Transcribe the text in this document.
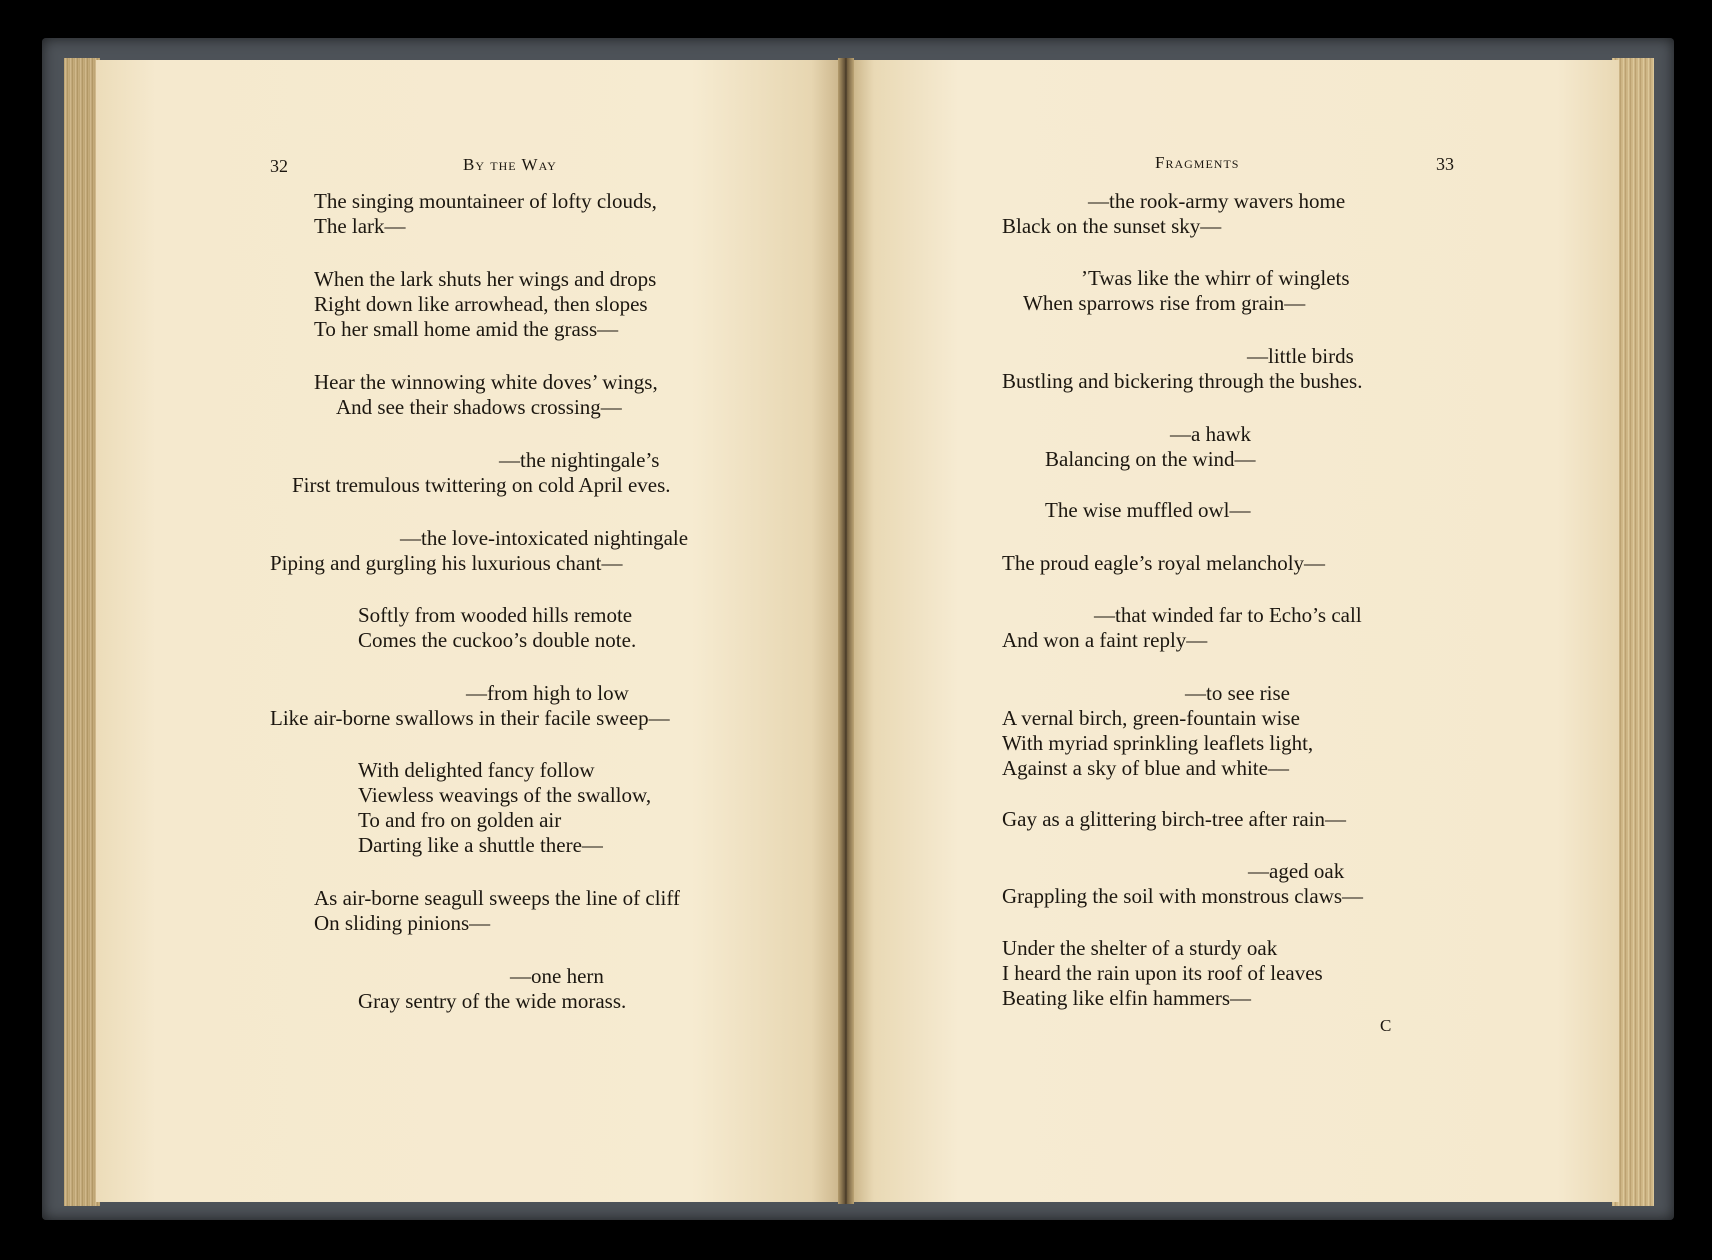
32	By the Way
The singing mountaineer of lofty clouds,
The lark—
When the lark shuts her wings and drops
Right down like arrowhead, then slopes
To her small home amid the grass—
Hear the winnowing white doves’ wings,
And see their shadows crossing—
—the nightingale’s
First tremulous twittering on cold April eves.
—the love-intoxicated nightingale
Piping and gurgling his luxurious chant—
Softly from wooded hills remote
Comes the cuckoo’s double note.
—from high to low
Like air-borne swallows in their facile sweep—
With delighted fancy follow
Viewless weavings of the swallow,
To and fro on golden air
Darting like a shuttle there—
As air-borne seagull sweeps the line of cliff
On sliding pinions—
—one hern
Gray sentry of the wide morass.
Fragments	33
—the rook-army wavers home
Black on the sunset sky—
’Twas like the whirr of winglets
When sparrows rise from grain—
—little birds
Bustling and bickering through the bushes.
—a hawk
Balancing on the wind—
The wise muffled owl—
The proud eagle’s royal melancholy—
—that winded far to Echo’s call
And won a faint reply—
—to see rise
A vernal birch, green-fountain wise
With myriad sprinkling leaflets light,
Against a sky of blue and white—
Gay as a glittering birch-tree after rain—
—aged oak
Grappling the soil with monstrous claws—
Under the shelter of a sturdy oak
I heard the rain upon its roof of leaves
Beating like elfin hammers—
C
